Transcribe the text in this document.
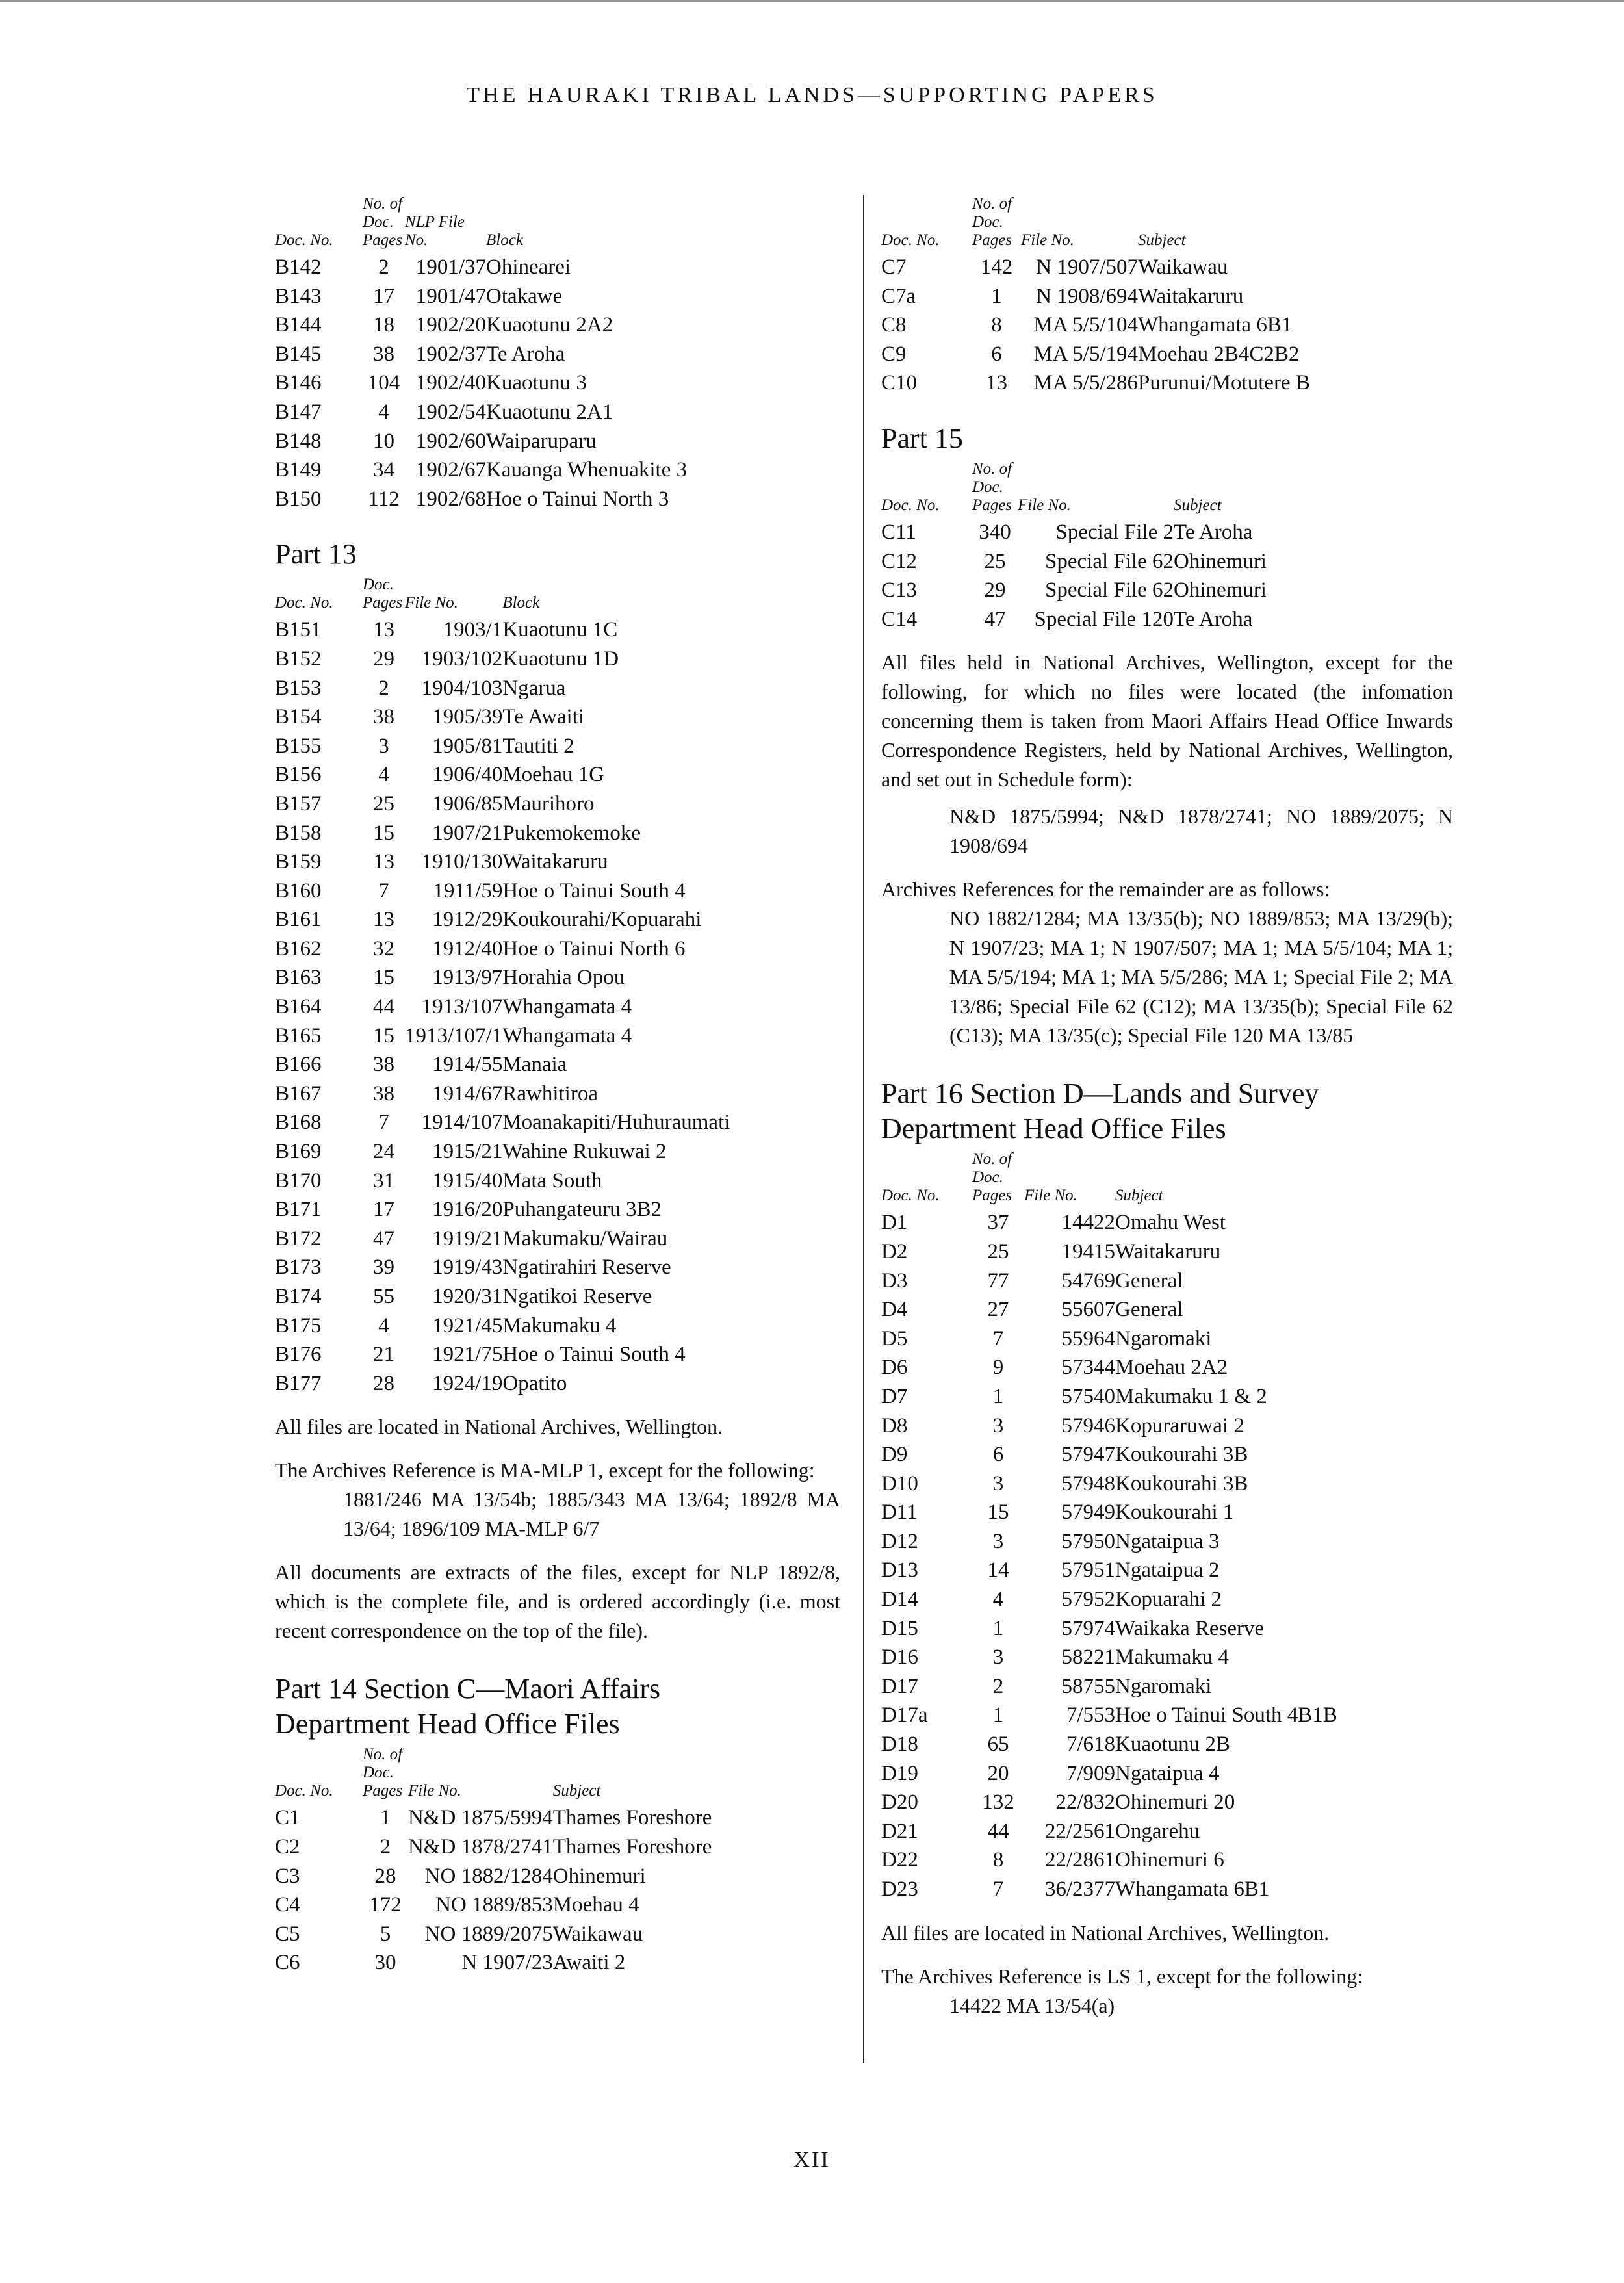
THE HAURAKI TRIBAL LANDS—SUPPORTING PAPERS
Doc. No.	No. of Doc. Pages	NLP File No.	Block
B142	2	1901/37	Ohinearei
B143	17	1901/47	Otakawe
B144	18	1902/20	Kuaotunu 2A2
B145	38	1902/37	Te Aroha
B146	104	1902/40	Kuaotunu 3
B147	4	1902/54	Kuaotunu 2A1
B148	10	1902/60	Waiparuparu
B149	34	1902/67	Kauanga Whenuakite 3
B150	112	1902/68	Hoe o Tainui North 3
Part 13
Doc. No.	Doc. Pages	File No.	Block
B151	13	1903/1	Kuaotunu 1C
B152	29	1903/102	Kuaotunu 1D
B153	2	1904/103	Ngarua
B154	38	1905/39	Te Awaiti
B155	3	1905/81	Tautiti 2
B156	4	1906/40	Moehau 1G
B157	25	1906/85	Maurihoro
B158	15	1907/21	Pukemokemoke
B159	13	1910/130	Waitakaruru
B160	7	1911/59	Hoe o Tainui South 4
B161	13	1912/29	Koukourahi/Kopuarahi
B162	32	1912/40	Hoe o Tainui North 6
B163	15	1913/97	Horahia Opou
B164	44	1913/107	Whangamata 4
B165	15	1913/107/1	Whangamata 4
B166	38	1914/55	Manaia
B167	38	1914/67	Rawhitiroa
B168	7	1914/107	Moanakapiti/Huhuraumati
B169	24	1915/21	Wahine Rukuwai 2
B170	31	1915/40	Mata South
B171	17	1916/20	Puhangateuru 3B2
B172	47	1919/21	Makumaku/Wairau
B173	39	1919/43	Ngatirahiri Reserve
B174	55	1920/31	Ngatikoi Reserve
B175	4	1921/45	Makumaku 4
B176	21	1921/75	Hoe o Tainui South 4
B177	28	1924/19	Opatito

All files are located in National Archives, Wellington.

The Archives Reference is MA-MLP 1, except for the following:

1881/246 MA 13/54b; 1885/343 MA 13/64; 1892/8 MA 13/64; 1896/109 MA-MLP 6/7

All documents are extracts of the files, except for NLP 1892/8, which is the complete file, and is ordered accordingly (i.e. most recent correspondence on the top of the file).

Part 14 Section C—Maori Affairs
Department Head Office Files
Doc. No.	No. of Doc. Pages	File No.	Subject
C1	1	N&D 1875/5994	Thames Foreshore
C2	2	N&D 1878/2741	Thames Foreshore
C3	28	NO 1882/1284	Ohinemuri
C4	172	NO 1889/853	Moehau 4
C5	5	NO 1889/2075	Waikawau
C6	30	N 1907/23	Awaiti 2
Doc. No.	No. of Doc. Pages	File No.	Subject
C7	142	N 1907/507	Waikawau
C7a	1	N 1908/694	Waitakaruru
C8	8	MA 5/5/104	Whangamata 6B1
C9	6	MA 5/5/194	Moehau 2B4C2B2
C10	13	MA 5/5/286	Purunui/Motutere B
Part 15
Doc. No.	No. of Doc. Pages	File No.	Subject
C11	340	Special File 2	Te Aroha
C12	25	Special File 62	Ohinemuri
C13	29	Special File 62	Ohinemuri
C14	47	Special File 120	Te Aroha

All files held in National Archives, Wellington, except for the following, for which no files were located (the infomation concerning them is taken from Maori Affairs Head Office Inwards Correspondence Registers, held by National Archives, Wellington, and set out in Schedule form):

N&D 1875/5994; N&D 1878/2741; NO 1889/2075; N 1908/694

Archives References for the remainder are as follows:

NO 1882/1284; MA 13/35(b); NO 1889/853; MA 13/29(b); N 1907/23; MA 1; N 1907/507; MA 1; MA 5/5/104; MA 1; MA 5/5/194; MA 1; MA 5/5/286; MA 1; Special File 2; MA 13/86; Special File 62 (C12); MA 13/35(b); Special File 62 (C13); MA 13/35(c); Special File 120 MA 13/85

Part 16 Section D—Lands and Survey
Department Head Office Files
Doc. No.	No. of Doc. Pages	File No.	Subject
D1	37	14422	Omahu West
D2	25	19415	Waitakaruru
D3	77	54769	General
D4	27	55607	General
D5	7	55964	Ngaromaki
D6	9	57344	Moehau 2A2
D7	1	57540	Makumaku 1 & 2
D8	3	57946	Kopuraruwai 2
D9	6	57947	Koukourahi 3B
D10	3	57948	Koukourahi 3B
D11	15	57949	Koukourahi 1
D12	3	57950	Ngataipua 3
D13	14	57951	Ngataipua 2
D14	4	57952	Kopuarahi 2
D15	1	57974	Waikaka Reserve
D16	3	58221	Makumaku 4
D17	2	58755	Ngaromaki
D17a	1	7/553	Hoe o Tainui South 4B1B
D18	65	7/618	Kuaotunu 2B
D19	20	7/909	Ngataipua 4
D20	132	22/832	Ohinemuri 20
D21	44	22/2561	Ongarehu
D22	8	22/2861	Ohinemuri 6
D23	7	36/2377	Whangamata 6B1

All files are located in National Archives, Wellington.

The Archives Reference is LS 1, except for the following:

14422 MA 13/54(a)

XII
